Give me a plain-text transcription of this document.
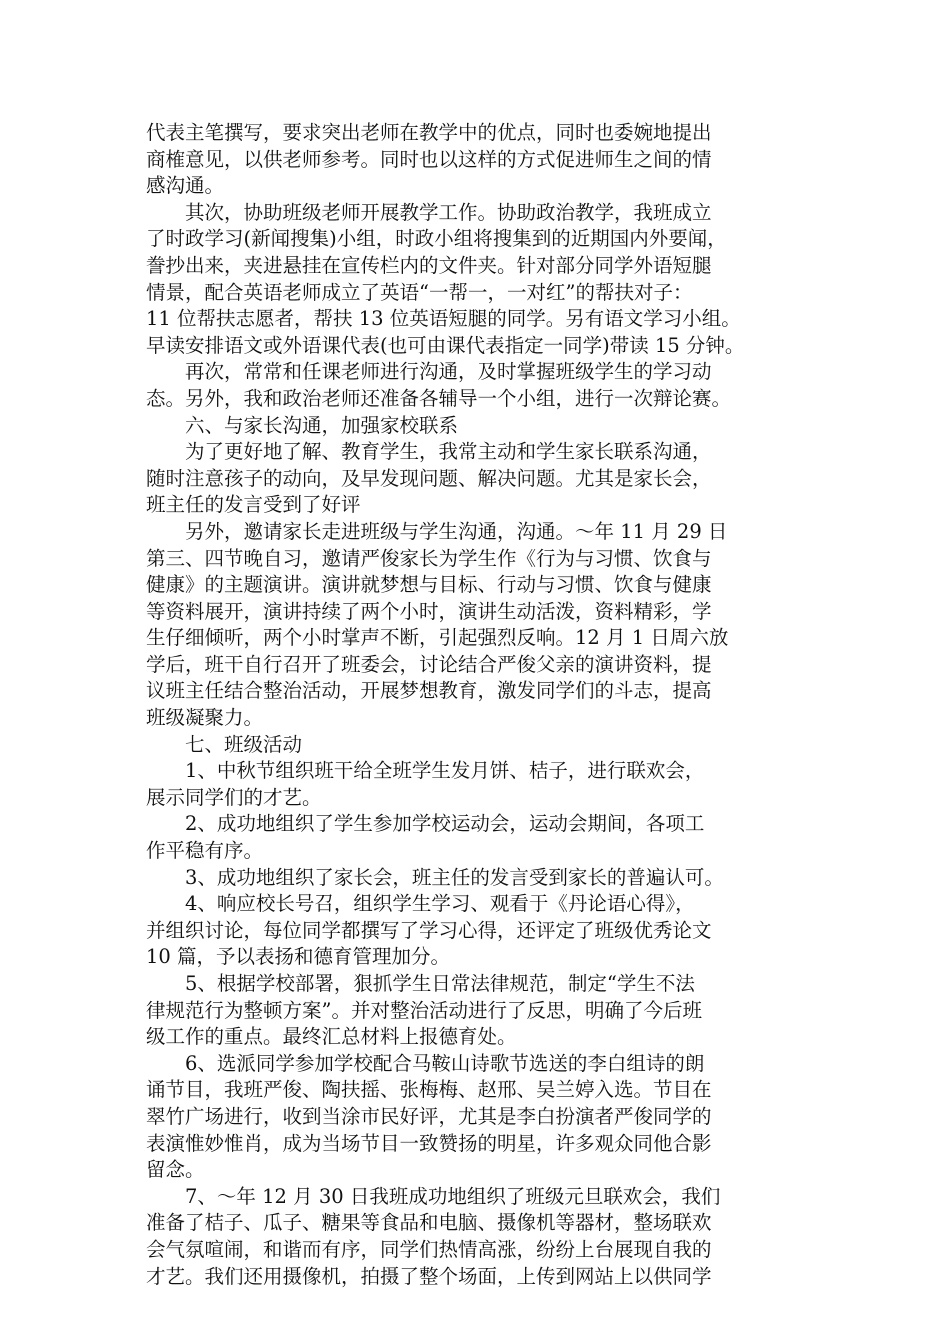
代表主笔撰写，要求突出老师在教学中的优点，同时也委婉地提出
商榷意见，以供老师参考。同时也以这样的方式促进师生之间的情
感沟通。

其次，协助班级老师开展教学工作。协助政治教学，我班成立
了时政学习(新闻搜集)小组，时政小组将搜集到的近期国内外要闻，
誊抄出来，夹进悬挂在宣传栏内的文件夹。针对部分同学外语短腿
情景，配合英语老师成立了英语“一帮一，一对红”的帮扶对子：
11 位帮扶志愿者，帮扶 13 位英语短腿的同学。另有语文学习小组。
早读安排语文或外语课代表(也可由课代表指定一同学)带读 15 分钟。

再次，常常和任课老师进行沟通，及时掌握班级学生的学习动
态。另外，我和政治老师还准备各辅导一个小组，进行一次辩论赛。

六、与家长沟通，加强家校联系

为了更好地了解、教育学生，我常主动和学生家长联系沟通，
随时注意孩子的动向，及早发现问题、解决问题。尤其是家长会，
班主任的发言受到了好评

另外，邀请家长走进班级与学生沟通，沟通。～年 11 月 29 日
第三、四节晚自习，邀请严俊家长为学生作《行为与习惯、饮食与
健康》的主题演讲。演讲就梦想与目标、行动与习惯、饮食与健康
等资料展开，演讲持续了两个小时，演讲生动活泼，资料精彩，学
生仔细倾听，两个小时掌声不断，引起强烈反响。12 月 1 日周六放
学后，班干自行召开了班委会，讨论结合严俊父亲的演讲资料，提
议班主任结合整治活动，开展梦想教育，激发同学们的斗志，提高
班级凝聚力。

七、班级活动

1、中秋节组织班干给全班学生发月饼、桔子，进行联欢会，
展示同学们的才艺。

2、成功地组织了学生参加学校运动会，运动会期间，各项工
作平稳有序。

3、成功地组织了家长会，班主任的发言受到家长的普遍认可。

4、响应校长号召，组织学生学习、观看于《丹论语心得》，
并组织讨论，每位同学都撰写了学习心得，还评定了班级优秀论文
10 篇，予以表扬和德育管理加分。

5、根据学校部署，狠抓学生日常法律规范，制定“学生不法
律规范行为整顿方案”。并对整治活动进行了反思，明确了今后班
级工作的重点。最终汇总材料上报德育处。

6、选派同学参加学校配合马鞍山诗歌节选送的李白组诗的朗
诵节目，我班严俊、陶扶摇、张梅梅、赵邢、吴兰婷入选。节目在
翠竹广场进行，收到当涂市民好评，尤其是李白扮演者严俊同学的
表演惟妙惟肖，成为当场节目一致赞扬的明星，许多观众同他合影
留念。

7、～年 12 月 30 日我班成功地组织了班级元旦联欢会，我们
准备了桔子、瓜子、糖果等食品和电脑、摄像机等器材，整场联欢
会气氛喧闹，和谐而有序，同学们热情高涨，纷纷上台展现自我的
才艺。我们还用摄像机，拍摄了整个场面，上传到网站上以供同学
